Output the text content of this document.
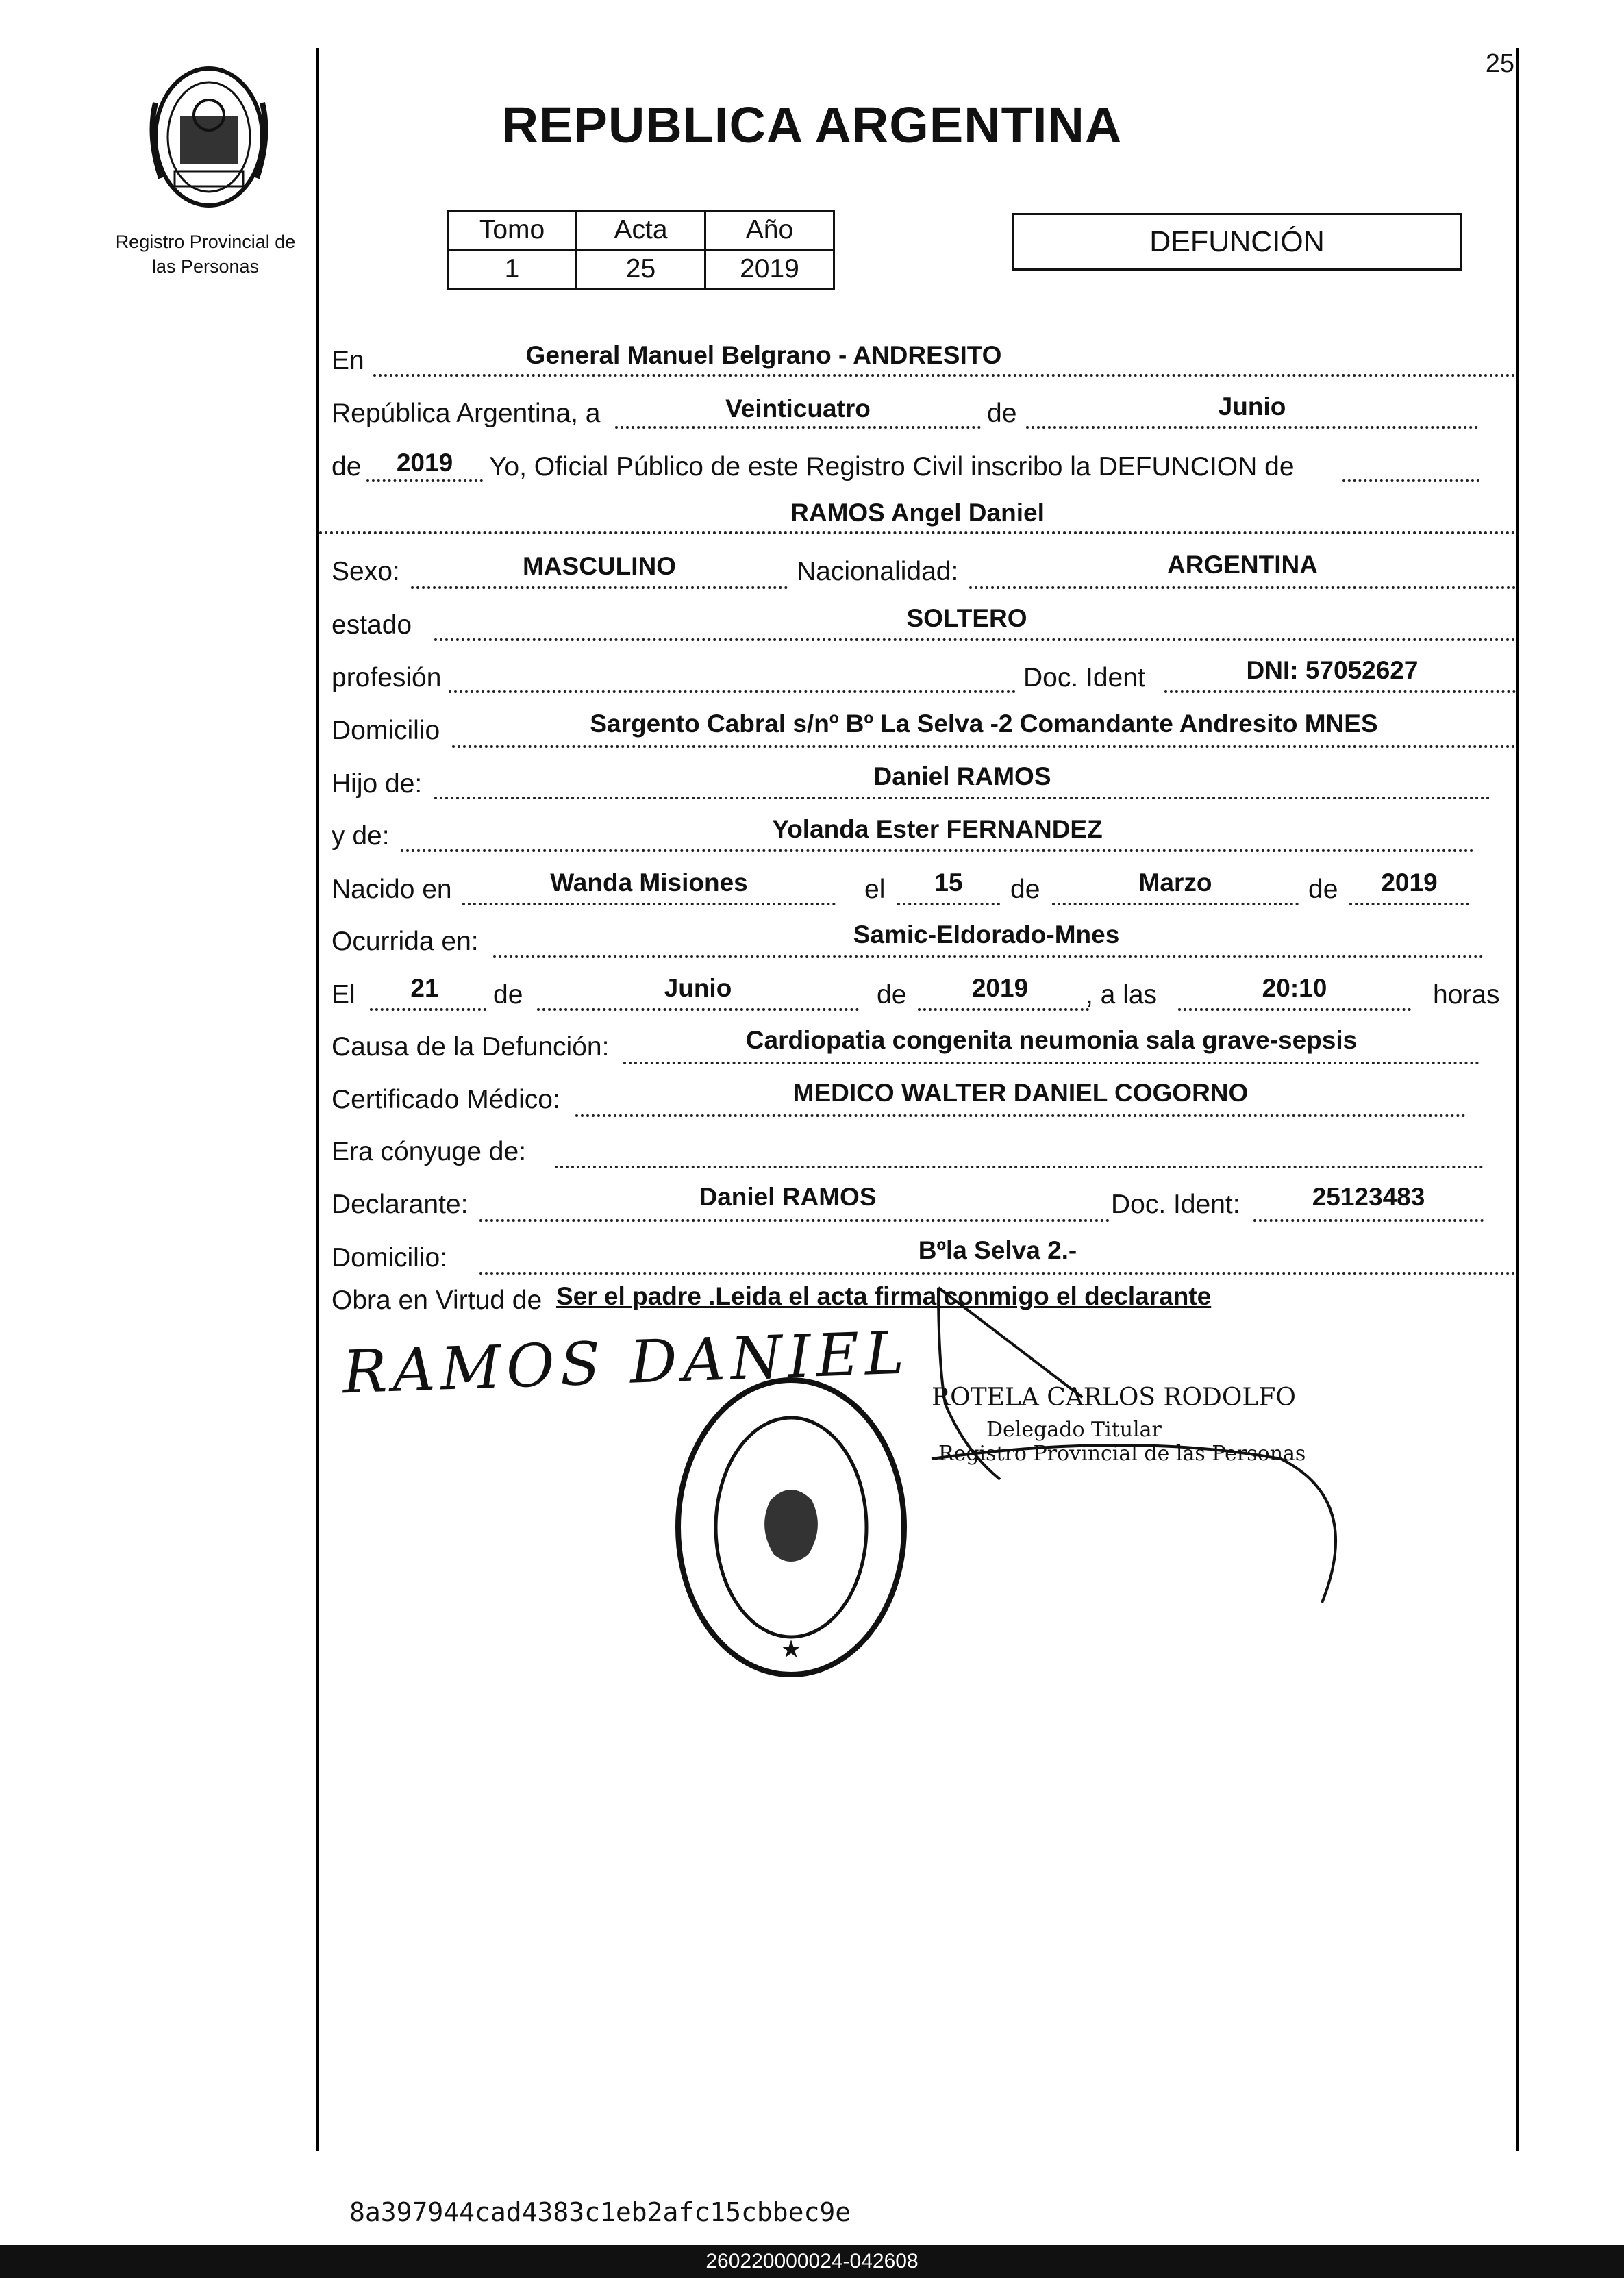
25
Registro Provincial de las Personas
REPUBLICA ARGENTINA
Tomo	Acta	Año
1	25	2019
DEFUNCIÓN
En	General Manuel Belgrano - ANDRESITO
República Argentina, a	Veinticuatro	de	Junio
de	2019	Yo, Oficial Público de este Registro Civil inscribo la DEFUNCION de
RAMOS Angel Daniel
Sexo:	MASCULINO	Nacionalidad:	ARGENTINA
estado	SOLTERO
profesión	Doc. Ident	DNI: 57052627
Domicilio	Sargento Cabral s/nº Bº La Selva -2 Comandante Andresito MNES
Hijo de:	Daniel RAMOS
y de:	Yolanda Ester FERNANDEZ
Nacido en	Wanda Misiones	el	15	de	Marzo	de	2019
Ocurrida en:	Samic-Eldorado-Mnes
El	21	de	Junio	de	2019	, a las	20:10	horas
Causa de la Defunción:	Cardiopatia congenita neumonia sala grave-sepsis
Certificado Médico:	MEDICO WALTER DANIEL COGORNO
Era cónyuge de:
Declarante:	Daniel RAMOS	Doc. Ident:	25123483
Domicilio:	Bºla Selva 2.-
Obra en Virtud de Ser el padre .Leida el acta firma conmigo el declarante
RAMOS DANIEL
★
DELEGACION DEL REGISTRO PROVINCIAL DE LAS PERSONAS
COMANDANTE ANDRESITO
ROTELA CARLOS RODOLFO
Delegado Titular
Registro Provincial de las Personas
8a397944cad4383c1eb2afc15cbbec9e
260220000024-042608
